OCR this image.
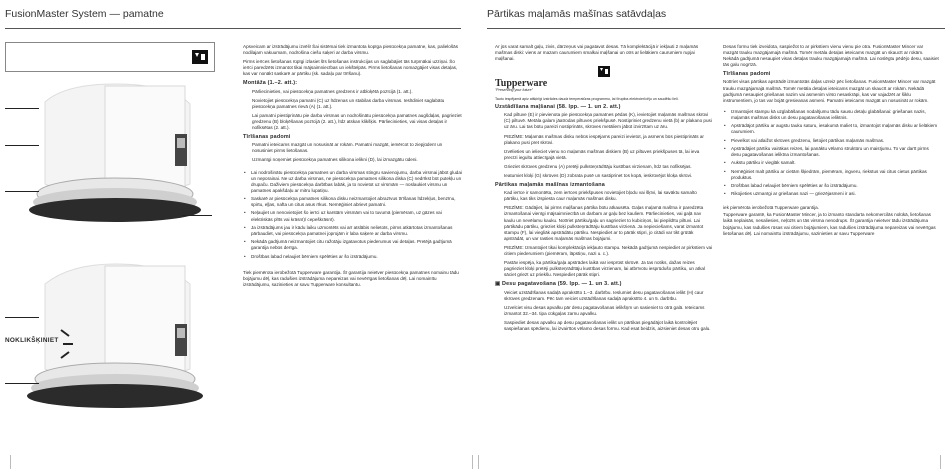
FusionMaster System — pamatne
NOKLIKŠĶINIET

Apsveicam ar izstrādājumu izvēli! Šai sistēmai tiek izmantota kopīga piesūcekņa pamatne, kas, palielošās nodilajam vakuumam, nodrošina ciešu saķeri ar darba virsmu.

Pirms ierīces lietošanas rūpīgi izlasiet šīs lietošanas instrukcijas un saglabājiet tās turpmākai uzziņai. Šo ierīci paredzēts izmantot tikai mājsaimniecības un iekštelpās. Pirms lietošanas nomazgājiet visas detaļas, kas var nonākt saskarē ar pārtiku (sk. sadaļu par tīrīšanu).

Montāža (1.–2. att.):

Pārliecinieties, vai piesūcekņa pamatnes gredzens ir atbloķētā pozīcijā (1. att.).

Novietojiet piesūcekņa pamatni (C) uz līdzenas un stabilas darba virsmas. Ieslīdiniet saglabātu piesūcekņa pamatnes rievā (A) (1. att.).

Lai pamatni piestiprinātu pie darba virsmas un nodrošinātu piesūcekņa pamatnes augšdaļas, pagrieziet gredzenu (B) bloķēšanas pozīcijā (2. att.), līdz atskan klikšķis. Pārliecinieties, vai visas detaļas ir nofiksētas (2. att.).

Tīrīšanas padomi

Pamatni ieteicams mazgāt un nosusināt ar rokām. Pamatni mazgāt, iemērcot to ziepjūdenī un nosusiniet pirms lietošanas.

Uzmanīgi noņemiet piesūcekņa pamatnes silikona ielikni (D), lai izmazgātu ūdeni.

• Lai nodrošinātu piesūcekņa pamatnes un darba virsmas stingru savienojumu, darba virsmai jābūt gludai un neporainai. Ne uz darba virsmas, ne piesūcekņa pamatnes silikona diska (C) nedrīkst būt putekļu un drupaču. Daživiem piesūcekņa darbības labāk, ja to novietot uz virsmām — noslaukiet virsmu un pamatnes apakšdaļu ar mitru lupatiņu.
• Saskarē ar piesūcekņa pamatnes silikona disku neizmantojiet abrazīvus tīrīšanas līdzekļus, benzīnu, spirtu, eļļas, nafta un citus asus rīkus. Nemēģiniet abrievt pamatni.
• Neļaujiet un nenovietojiet šo ierīci uz karstām virsmām vai to tuvumā (piemēram, uz gāzes vai elektriskās plīts vai krāsnī)/ cepeškrāsnī).
• Ja izstrādājums jau ir kādu laiku uzmontēts vai arī atslābis nelietots, pirms atkārtotas izmantošanas pārbaudiet, vai piesūcekņa pamatnei joprojām ir laba saķere ar darba virsmu.
• Nekādā gadījumā neizmantojiet citu ražotāju izgatavotus piederumus vai detaļas. Pretējā gadījumā garantija nebūs derīga.
• Drošības labad nelaujiet bērniem spēlēties ar šo izstrādājumu.

Tiek piemērota ierobežotā Tupperware garantija. Šī garantija neietver piesūcekņa pamatnes nomainu tādu bojājumu dēļ, kas radušies izstrādājuma nepareizas vai nevērīgas lietošanas dēļ. Lai nomainītu izstrādājumu, sazinieties ar savu Tupperware konsultantu.

Pārtikas maļamās mašīnas satāvdaļas

Ar jūs varat samalt gaļu, zivis, dārzeņus vai pagatavot desas. Tā komplektācijā ir iekļauti 2 maļamās mašīnas diski: viens ar mazam caurumiem smalkai maļšanai un otrs ar lielākiem caurumiem rupjai maļšanai.

Tupperware
"Preserving your future"

Tautu iespējamā apiz atšķirīgi izstrādes daudz temperatūras programmu, lai tīrupiba elektroierīcēju un saudēšu lieli.

Uzstādīšana maļšanai (58. lpp. — 1. un 2. att.)

Kad piltuve (E) ir pievienota pie piesūcekņa pamatnes pēdas (K), ievietojiet maļamās mašīnas skrūvi (C) piltuvē. Metāla galam jāatrodas piltuves priekšpusē. Nostipriniet gredzenu vietā (b) ar plakano pusi uz āru. Lai tas būtu pareizi nostiprināts, skrūves metāliem jābūt izvirzītam uz āru.

PIEZĪME: Maļamās mašīnas disku nebūs iespējams pareizi ievietot, ja asmens būs piestiprināts ar plakano pusi pret skrūvi.

Izvēlieties un ielieciet vienu no maļamās mašīnas diskiem (B) uz piltuves priekšpuses tā, lai ieva precīzi iegultu attiecīgajā vietā.

Grieziet skrūves gredzenu (A) pretēji pulksteņrādītāju kustības virzienam, līdz tas nofiksējas.

Ieatumiet kloķi (G) skrūves (D) zobrata pusē un sastiprinet tos kopā, ieskrūvējot kloķa skrūvi.

Pārtikas maļamās mašīnas izmantošana

Kad ierīce ir samontēta, zem ierīces priekšpuses novietojiet bļodu vai šķīvi, lai savāktu samalto pārtiku, kas tiks izspiesta caur maļamās mašīnas disku.

PIEZĪME: Gādājiet, lai pirms maļšanas pārtika būtu atkausēta. Gaļas maļamā mašīna ir paredzēta izmantošanai vienīgi mājsaimniecībā un darbam ar gaļu bez kauliem. Pārliecinieties, vai gaļā nav kaulu un nevēlamu kauku. Notīriet pārtiku/gaļu un sagrieziet to kubiciņos, lai piepildītu piltuvi. Lai pārtikādu pārtiku, grieziet kloķi pulksteņrādītāju kustības virzienā. Ja nepieciešams, varat izmantot stampu (F), lai viegliāk apstrādātu pārtiku. Nespiediet ar to pārāk stipri, jo citādi var tikt grūtāk apstrādāt, un var rasties maļamās mašīnas bojājumi.

PIEZĪME: Izmantojiet tikai komplektācijā iekļauto stampu. Nekādā gadījumā nespiediet ar pirkstiem vai citiem piederumiem (piemēram, lāpstiņu, nazi u. c.).

Pastāv iespēja, ka pārtika/gaļa apstrādes laikā var iesprūst skrūvē. Ja tas notiks, dažas reizes pagrieziet kloķi pretēji pulksteņrādītāju kustības virzienam, lai atbrīvotu iesprūdušo pārtiku, un atkal sāciet griezt uz priekšu. Nespiediet pārāk stipri.

▣ Desu pagatavošana (59. lpp. — 1. un 3. att.)

Veiciet uzstādīšanas sadaļā aprakstīto 1.–3. darbību. Ieslumiet desu pagatavošanas ielikt (H) caur skrūves gredzenam. Pēc tam veiciet uzstādīšanas sadaļā aprakstīto 4. un 5. darbību.

Uzvelciet visu desas apvalku pār desu pagatavošanas ielikšņm un sasieniet to otrā galā. Ieteicams izmantot 32.–34. tipa cūkgaļas zarnu apvalku.

Saspiediet desas apvalku ap desu pagatavošanas ielikt un pārtikas piegādājot laikā kontrolējiet saspiešanas spēdienu, lai izvairītos vēlamo desas formu. Kad esat beidzis, aizsieniet desas otru galu.

Desas formu tiek izveidota, saspiežot to ar pirkstiem vienu vienu pie otra. FusionMaster Mincer var mazgāt trauku mazgājamajā mašīnā. Tomēr metāla detaļas ieteicams mazgāt un skaucīt ar rokām. Nekādā gadījumā nesaupiet visas detaļas trauku mazgājamajā mašīnā. Lai noslēgtu pēdējo desu, saaisiet tās galu nogrīzā.

Tīrīšanas padomi

Notīriet visas pārtikas apstrādē izmantotās daļas uzreiz pēc lietošanas. FusionMaster Mincer var mazgāt trauku mazgājamajā mašīnā. Tomēr metāla detaļas ieteicams mazgāt un skaucīt ar rokām. Nekādā gadījumā nesaupiet griešanas nazim vai asmenim virsū nesaskrāpi, kas var vajadzēt ar šiklu instrumentiem, jo tas var bojāt gresieanas asmeni. Pamatni ieteicams mazgāt un nosusināt ar rokām.

• Izmantojiet stampu kā uzglabāšanas nodalījumu tādu sausu detaļu glabāšanai: griešanas nazis, maļamās mašīnas disks un desu pagatavošanas ieliktnis.
• Apstrādājot pārtiku ar augstu tauku saturu, iesakumā maliet to, izmantojot maļamās disku ar lielākiem caurumiem.
• Pievelkot vai atlaižot skrūves gredzenu, lietojiet pārtikas maļamās mašīnas.
• Apstrādājiet pārtiku vairākas reizes, lai panāktu vēlamo struktūru un maisījumu. To var darīt pirms desu pagatavošanas ieliktna izmantošanas.
• Aukstu pārtiku ir vieglāk samalt.
• Nemēģiniet malt pārtiku ar cietām šķiedrām, piemēram, ingveru, riekstus vai citus cietus pārtikas produktus.
• Drošības labad nelaujiet bērniem spēlēties ar šo izstrādājumu.
• Rikojieties uzmanīgi ar griešanas nazi — griezējasmeni ir asi.

iek piemērota ierobežotā Tupperware garantija.

Tupperware garantē, ka FusionMaster Mincer, ja to izmanto standarta nekomercilās nolūkā, lietošanas laikā neplaisās, nesaliesies, neļūzīs un tās virsma nenodrups. Šī garantija neietver tādu izstrādājuma bojājumu, kas radušies rūsas vai citiem bojājumiem, kas radušies izstrādājuma nepareizas vai nevērīgas lietošanas dēļ. Lai nomainītu izstrādājumu, sazinieties ar savu Tupperware
